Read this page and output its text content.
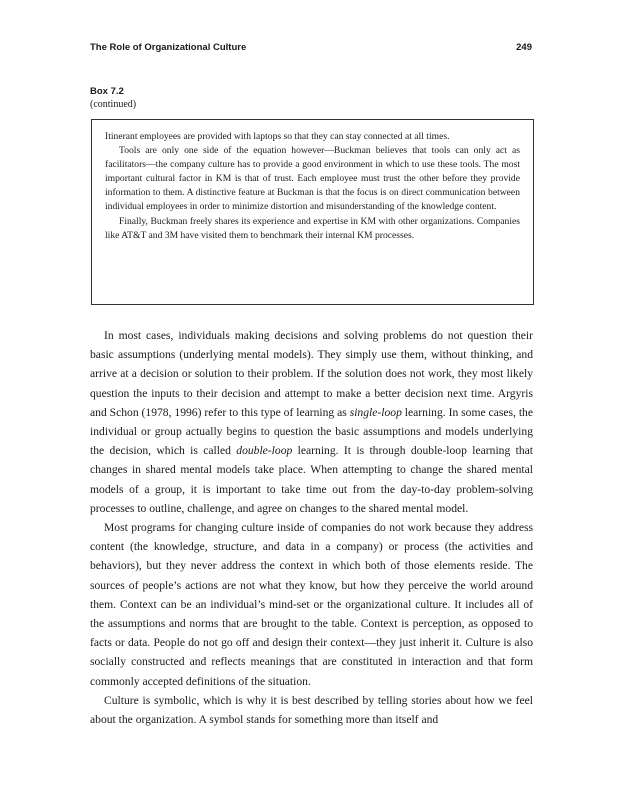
The Role of Organizational Culture	249
Box 7.2
(continued)

Itinerant employees are provided with laptops so that they can stay connected at all times.

Tools are only one side of the equation however—Buckman believes that tools can only act as facilitators—the company culture has to provide a good environment in which to use these tools. The most important cultural factor in KM is that of trust. Each employee must trust the other before they provide information to them. A distinctive feature at Buckman is that the focus is on direct communication between individual employees in order to minimize distortion and misunderstanding of the knowledge content.

Finally, Buckman freely shares its experience and expertise in KM with other organizations. Companies like AT&T and 3M have visited them to benchmark their internal KM processes.

In most cases, individuals making decisions and solving problems do not question their basic assumptions (underlying mental models). They simply use them, without thinking, and arrive at a decision or solution to their problem. If the solution does not work, they most likely question the inputs to their decision and attempt to make a better decision next time. Argyris and Schon (1978, 1996) refer to this type of learning as single-loop learning. In some cases, the individual or group actually begins to question the basic assumptions and models underlying the decision, which is called double-loop learning. It is through double-loop learning that changes in shared mental models take place. When attempting to change the shared mental models of a group, it is important to take time out from the day-to-day problem-solving processes to outline, challenge, and agree on changes to the shared mental model.

Most programs for changing culture inside of companies do not work because they address content (the knowledge, structure, and data in a company) or process (the activities and behaviors), but they never address the context in which both of those elements reside. The sources of people’s actions are not what they know, but how they perceive the world around them. Context can be an individual’s mind-set or the organizational culture. It includes all of the assumptions and norms that are brought to the table. Context is perception, as opposed to facts or data. People do not go off and design their context—they just inherit it. Culture is also socially constructed and reflects meanings that are constituted in interaction and that form commonly accepted definitions of the situation.

Culture is symbolic, which is why it is best described by telling stories about how we feel about the organization. A symbol stands for something more than itself and
